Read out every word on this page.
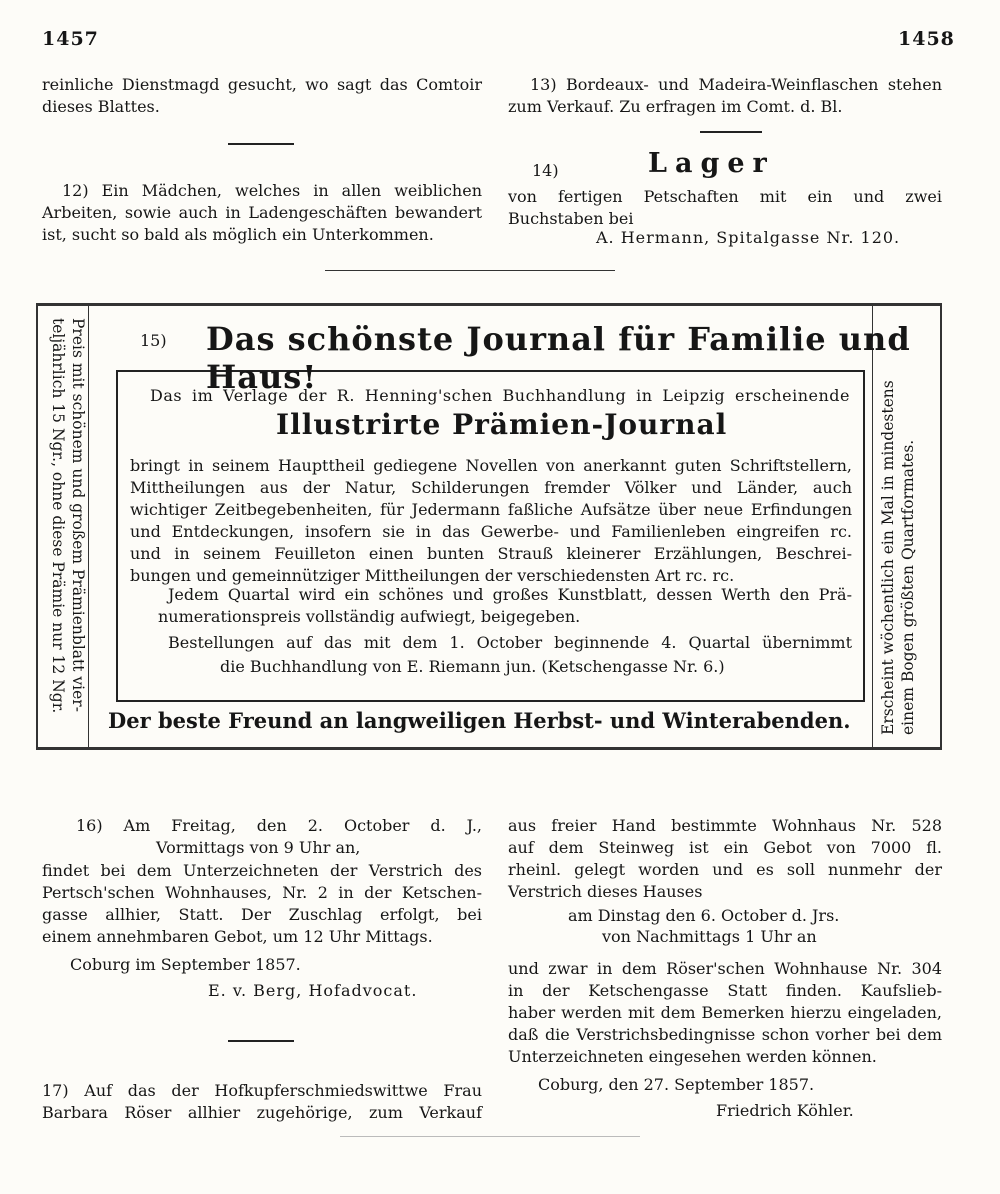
1457	1458
reinliche Dienstmagd gesucht, wo sagt das Comtoir
dieses Blattes.
12) Ein Mädchen, welches in allen weiblichen
Arbeiten, sowie auch in Ladengeschäften bewandert
ist, sucht so bald als möglich ein Unterkommen.
13) Bordeaux- und Madeira-Weinflaschen stehen
zum Verkauf. Zu erfragen im Comt. d. Bl.
14)	Lager
von fertigen Petschaften mit ein und zwei
Buchstaben bei
A. Hermann, Spitalgasse Nr. 120.
Preis mit schönem und großem Prämienblatt vier-
teljährlich 15 Ngr., ohne diese Prämie nur 12 Ngr.	Erscheint wöchentlich ein Mal in mindestens einem Bogen größten Quartformates.
15) Das schönste Journal für Familie und Haus!
Das im Verlage der R. Henning'schen Buchhandlung in Leipzig erscheinende
Illustrirte Prämien-Journal
bringt in seinem Haupttheil gediegene Novellen von anerkannt guten Schriftstellern,
Mittheilungen aus der Natur, Schilderungen fremder Völker und Länder, auch
wichtiger Zeitbegebenheiten, für Jedermann faßliche Aufsätze über neue Erfindungen
und Entdeckungen, insofern sie in das Gewerbe- und Familienleben eingreifen rc.
und in seinem Feuilleton einen bunten Strauß kleinerer Erzählungen, Beschrei-
bungen und gemeinnütziger Mittheilungen der verschiedensten Art rc. rc.
Jedem Quartal wird ein schönes und großes Kunstblatt, dessen Werth den Prä-
numerationspreis vollständig aufwiegt, beigegeben.
Bestellungen auf das mit dem 1. October beginnende 4. Quartal übernimmt
die Buchhandlung von E. Riemann jun. (Ketschengasse Nr. 6.)
Der beste Freund an langweiligen Herbst- und Winterabenden.
16) Am Freitag, den 2. October d. J.,
Vormittags von 9 Uhr an,
findet bei dem Unterzeichneten der Verstrich des
Pertsch'schen Wohnhauses, Nr. 2 in der Ketschen-
gasse allhier, Statt. Der Zuschlag erfolgt, bei
einem annehmbaren Gebot, um 12 Uhr Mittags.
Coburg im September 1857.
E. v. Berg, Hofadvocat.
17) Auf das der Hofkupferschmiedswittwe Frau
Barbara Röser allhier zugehörige, zum Verkauf
aus freier Hand bestimmte Wohnhaus Nr. 528
auf dem Steinweg ist ein Gebot von 7000 fl.
rheinl. gelegt worden und es soll nunmehr der
Verstrich dieses Hauses
am Dinstag den 6. October d. Jrs.
von Nachmittags 1 Uhr an
und zwar in dem Röser'schen Wohnhause Nr. 304
in der Ketschengasse Statt finden. Kaufslieb-
haber werden mit dem Bemerken hierzu eingeladen,
daß die Verstrichsbedingnisse schon vorher bei dem
Unterzeichneten eingesehen werden können.
Coburg, den 27. September 1857.
Friedrich Köhler.
